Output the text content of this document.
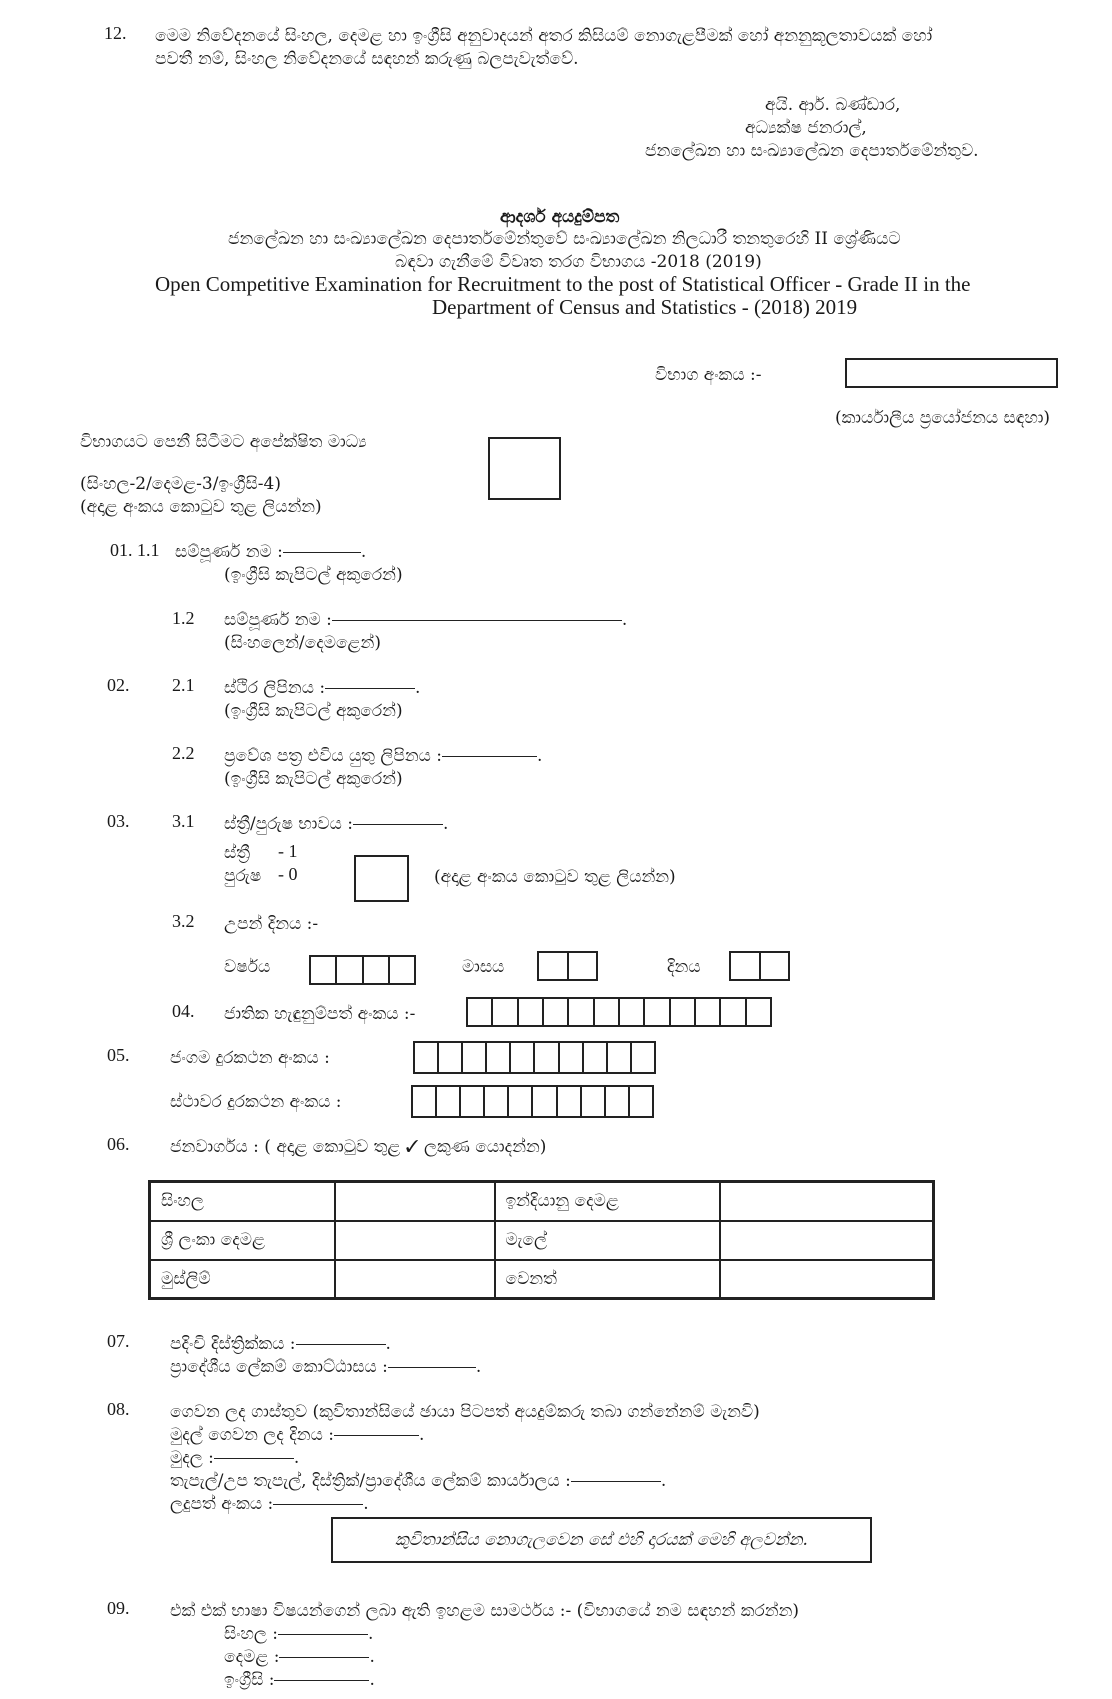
12. මෙම නිවේදනයේ සිංහල, දෙමළ හා ඉංග්‍රීසි අනුවාදයන් අතර කිසියම් නොගැළපීමක් හෝ අනනුකූලතාවයක් හෝ
පවතී නම්, සිංහල නිවේදනයේ සඳහන් කරුණු බලපැවැත්වේ.
අයි. ආර්. බණ්ඩාර,
අධ්‍යක්ෂ ජනරාල්,
ජනලේඛන හා සංඛ්‍යාලේඛන දෙපාර්තමේන්තුව.
ආදර්ශ අයදුම්පත
ජනලේඛන හා සංඛ්‍යාලේඛන දෙපාර්තමේන්තුවේ සංඛ්‍යාලේඛන නිලධාරී තනතුරෙහි II ශ්‍රේණියට
බඳවා ගැනීමේ විවෘත තරග විභාගය -2018 (2019)
Open Competitive Examination for Recruitment to the post of Statistical Officer - Grade II in the
Department of Census and Statistics - (2018) 2019
විභාග අංකය :-
(කාර්යාලීය ප්‍රයෝජනය සඳහා)
විභාගයට පෙනී සිටීමට අපේක්ෂිත මාධ්‍ය
(සිංහල-2/දෙමළ-3/ඉංග්‍රීසි-4)
(අදාළ අංකය කොටුව තුළ ලියන්න)
01. 1.1 සම්පූර්ණ නම :	.
(ඉංග්‍රීසි කැපිටල් අකුරෙන්)
1.2 සම්පූර්ණ නම :	.
(සිංහලෙන්/දෙමළෙන්)
02. 2.1 ස්ථිර ලිපිනය :	.
(ඉංග්‍රීසි කැපිටල් අකුරෙන්)
2.2 ප්‍රවේශ පත්‍ර එවිය යුතු ලිපිනය :	.
(ඉංග්‍රීසි කැපිටල් අකුරෙන්)
03. 3.1 ස්ත්‍රී/පුරුෂ භාවය :	.
ස්ත්‍රී - 1
පුරුෂ - 0	(අදාළ අංකය කොටුව තුළ ලියන්න)
3.2 උපන් දිනය :-
වර්ෂය	මාසය	දිනය
04. ජාතික හැඳුනුම්පත් අංකය :-
05. ජංගම දුරකථන අංකය :
ස්ථාවර දුරකථන අංකය :
06. ජනවාර්ගය : ( අදාළ කොටුව තුළ ✓ ලකුණ යොදන්න)
සිංහල		ඉන්දියානු දෙමළ	
ශ්‍රී ලංකා දෙමළ		මැලේ	
මුස්ලිම්		වෙනත්	
07. පදිංචි දිස්ත්‍රික්කය :	.
ප්‍රාදේශීය ලේකම් කොට්ඨාසය :	.
08. ගෙවන ලද ගාස්තුව (කුවිතාන්සියේ ඡායා පිටපත් අයදුම්කරු තබා ගන්නේනම් මැනවි)
මුදල් ගෙවන ලද දිනය :	.
මුදල :	.
තැපැල්/උප තැපැල්, දිස්ත්‍රික්/ප්‍රාදේශීය ලේකම් කාර්යාලය :	.
ලදුපත් අංකය :	.
කුවිතාන්සිය නොගැලවෙන සේ එහි දාරයක් මෙහි අලවන්න.
09. එක් එක් භාෂා විෂයන්ගෙන් ලබා ඇති ඉහළම සාමර්ථය :- (විභාගයේ නම සඳහන් කරන්න)
සිංහල :	.
දෙමළ :	.
ඉංග්‍රීසි :	.
